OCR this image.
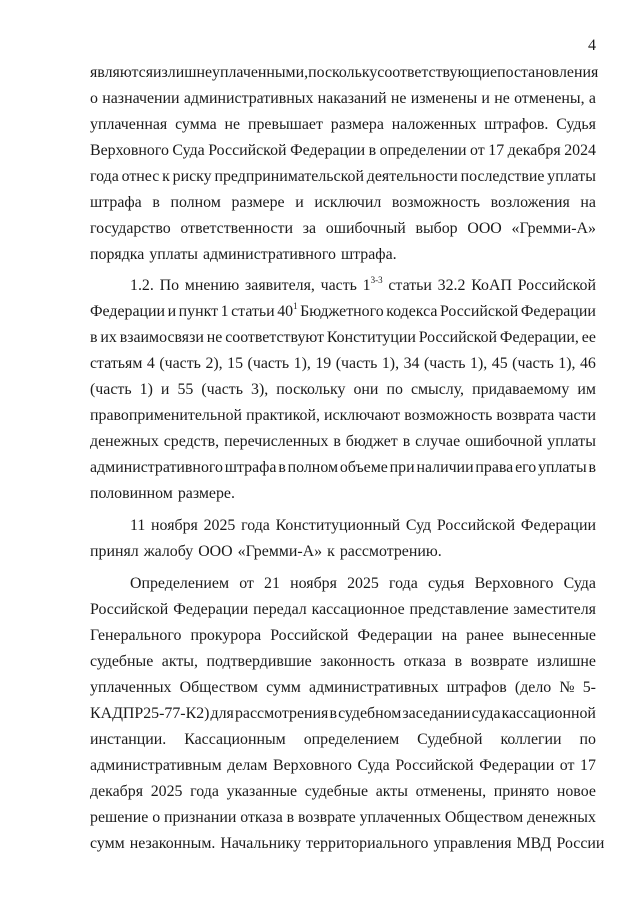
4
являются излишне уплаченными, поскольку соответствующие постановления
о назначении административных наказаний не изменены и не отменены, а
уплаченная сумма не превышает размера наложенных штрафов. Судья
Верховного Суда Российской Федерации в определении от 17 декабря 2024
года отнес к риску предпринимательской деятельности последствие уплаты
штрафа в полном размере и исключил возможность возложения на
государство ответственности за ошибочный выбор ООО «Гремми-А»
порядка уплаты административного штрафа.
1.2. По мнению заявителя, часть 1$^{3-3}$ статьи 32.2 КоАП Российской
Федерации и пункт 1 статьи $40^1$ Бюджетного кодекса Российской Федерации
в их взаимосвязи не соответствуют Конституции Российской Федерации, ее
статьям 4 (часть 2), 15 (часть 1), 19 (часть 1), 34 (часть 1), 45 (часть 1), 46
(часть 1) и 55 (часть 3), поскольку они по смыслу, придаваемому им
правоприменительной практикой, исключают возможность возврата части
денежных средств, перечисленных в бюджет в случае ошибочной уплаты
административного штрафа в полном объеме при наличии права его уплаты в
половинном размере.
11 ноября 2025 года Конституционный Суд Российской Федерации
принял жалобу ООО «Гремми-А» к рассмотрению.
Определением от 21 ноября 2025 года судья Верховного Суда
Российской Федерации передал кассационное представление заместителя
Генерального прокурора Российской Федерации на ранее вынесенные
судебные акты, подтвердившие законность отказа в возврате излишне
уплаченных Обществом сумм административных штрафов (дело № 5-
КАДПР25-77-К2) для рассмотрения в судебном заседании суда кассационной
инстанции. Кассационным определением Судебной коллегии по
административным делам Верховного Суда Российской Федерации от 17
декабря 2025 года указанные судебные акты отменены, принято новое
решение о признании отказа в возврате уплаченных Обществом денежных
сумм незаконным. Начальнику территориального управления МВД России
